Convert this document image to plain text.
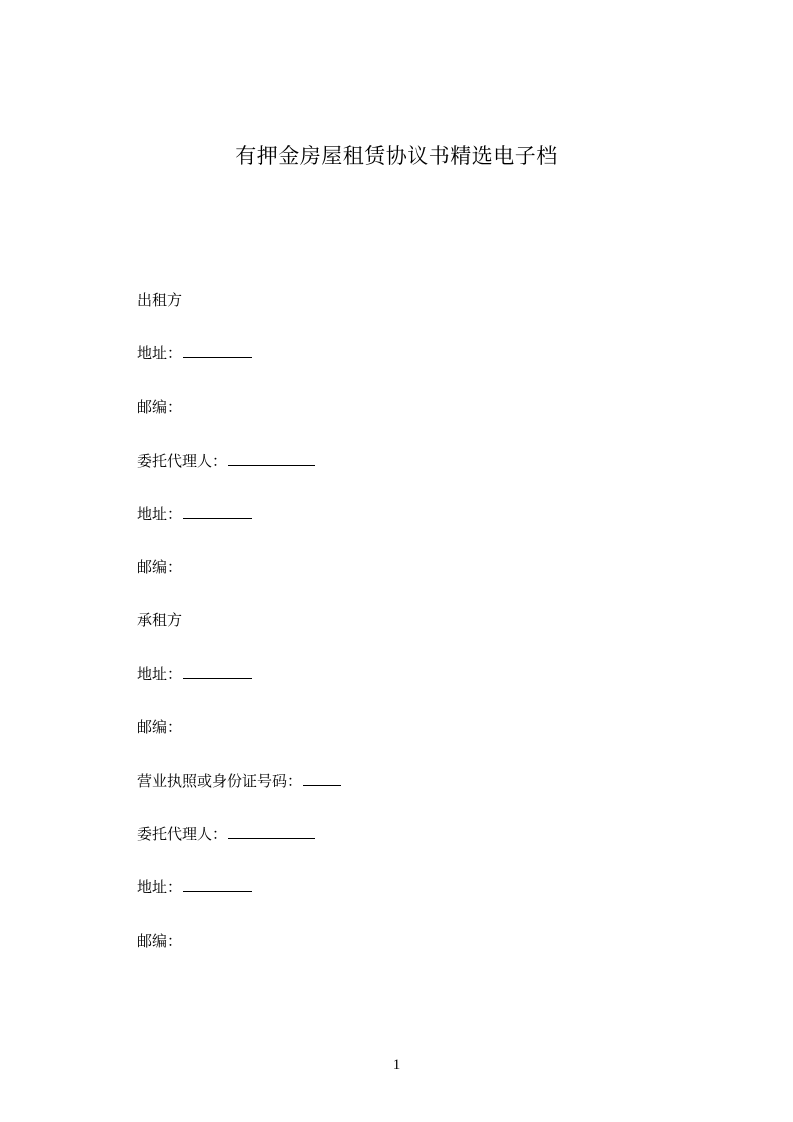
有押金房屋租赁协议书精选电子档
出租方
地址：
邮编：
委托代理人：
地址：
邮编：
承租方
地址：
邮编：
营业执照或身份证号码：
委托代理人：
地址：
邮编：
1
